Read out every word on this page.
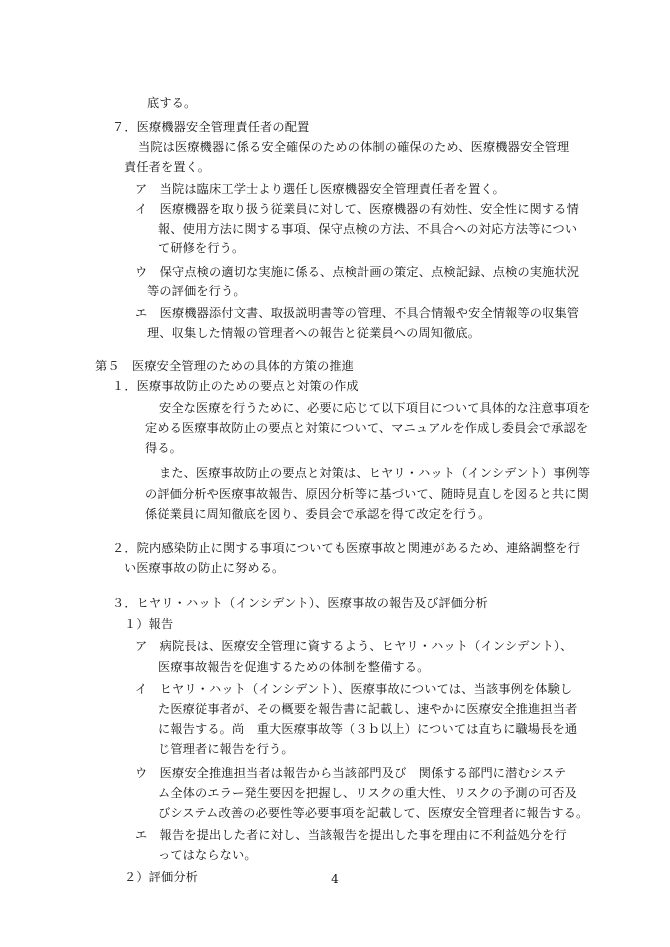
底する。
７．医療機器安全管理責任者の配置
当院は医療機器に係る安全確保のための体制の確保のため、医療機器安全管理
責任者を置く。
ア　当院は臨床工学士より選任し医療機器安全管理責任者を置く。
イ　医療機器を取り扱う従業員に対して、医療機器の有効性、安全性に関する情
報、使用方法に関する事項、保守点検の方法、不具合への対応方法等につい
て研修を行う。
ウ　保守点検の適切な実施に係る、点検計画の策定、点検記録、点検の実施状況
等の評価を行う。
エ　医療機器添付文書、取扱説明書等の管理、不具合情報や安全情報等の収集管
理、収集した情報の管理者への報告と従業員への周知徹底。
第５　医療安全管理のための具体的方策の推進
１．医療事故防止のための要点と対策の作成
安全な医療を行うために、必要に応じて以下項目について具体的な注意事項を
定める医療事故防止の要点と対策について、マニュアルを作成し委員会で承認を
得る。
また、医療事故防止の要点と対策は、ヒヤリ・ハット（インシデント）事例等
の評価分析や医療事故報告、原因分析等に基づいて、随時見直しを図ると共に関
係従業員に周知徹底を図り、委員会で承認を得て改定を行う。
２．院内感染防止に関する事項についても医療事故と関連があるため、連絡調整を行
い医療事故の防止に努める。
３．ヒヤリ・ハット（インシデント）、医療事故の報告及び評価分析
１）報告
ア　病院長は、医療安全管理に資するよう、ヒヤリ・ハット（インシデント）、
医療事故報告を促進するための体制を整備する。
イ　ヒヤリ・ハット（インシデント）、医療事故については、当該事例を体験し
た医療従事者が、その概要を報告書に記載し、速やかに医療安全推進担当者
に報告する。尚　重大医療事故等（３ｂ以上）については直ちに職場長を通
じ管理者に報告を行う。
ウ　医療安全推進担当者は報告から当該部門及び　関係する部門に潜むシステ
ム全体のエラー発生要因を把握し、リスクの重大性、リスクの予測の可否及
びシステム改善の必要性等必要事項を記載して、医療安全管理者に報告する。
エ　報告を提出した者に対し、当該報告を提出した事を理由に不利益処分を行
ってはならない。
２）評価分析	4
